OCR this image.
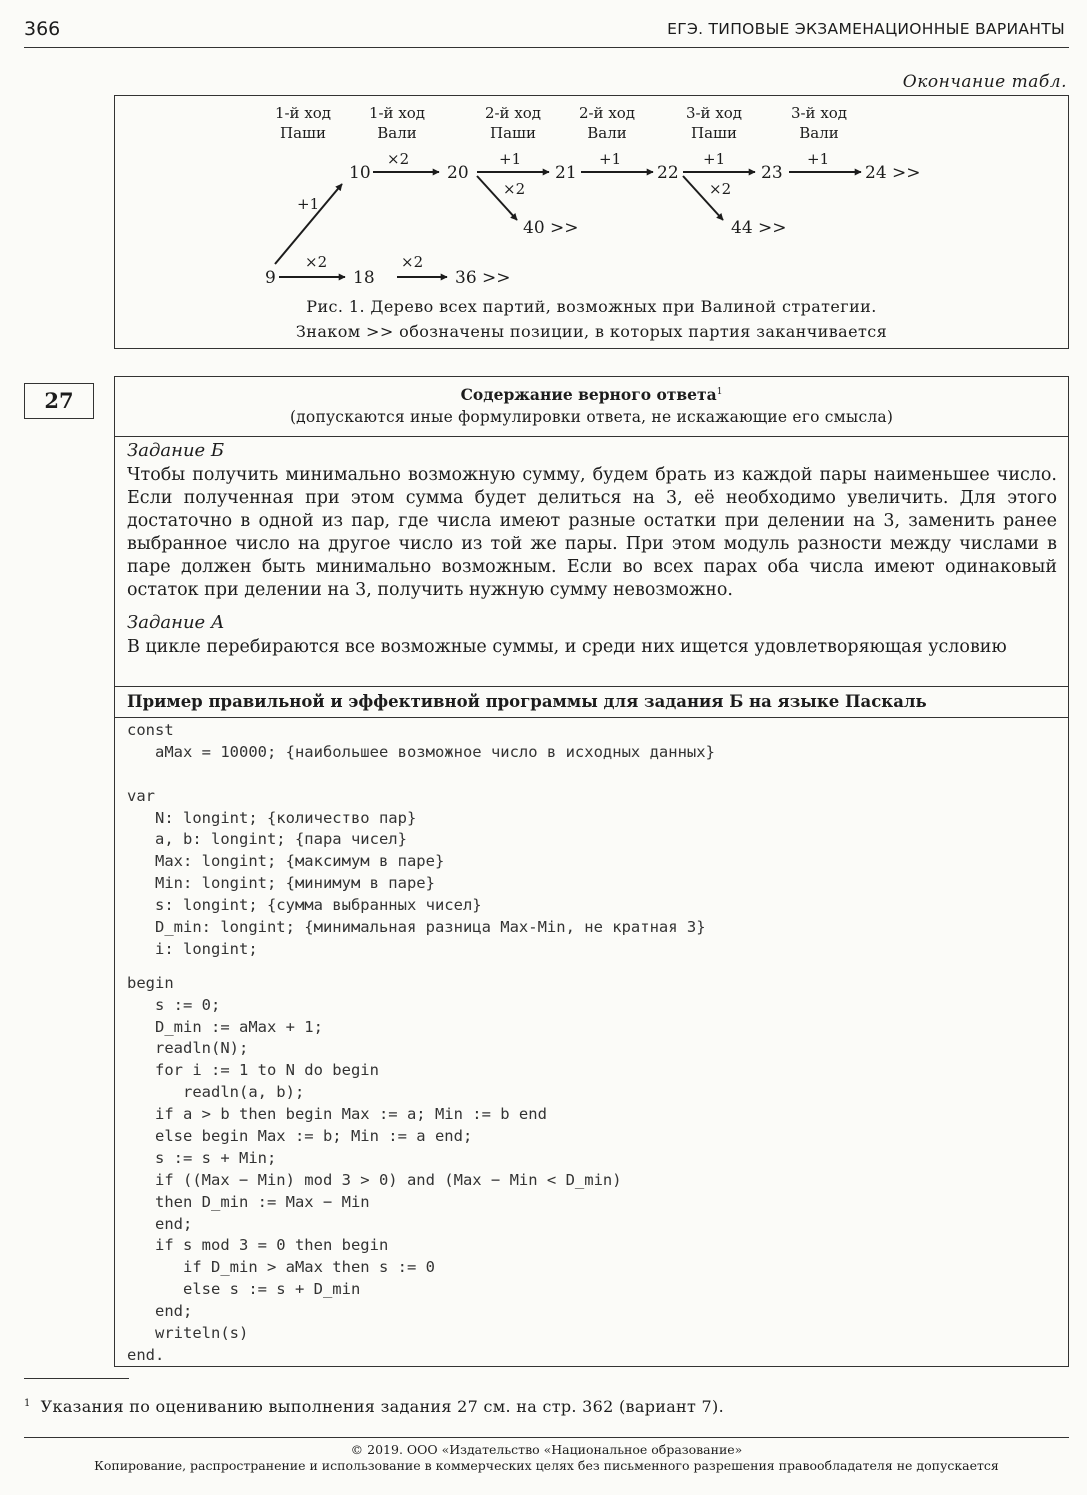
366	ЕГЭ. ТИПОВЫЕ ЭКЗАМЕНАЦИОННЫЕ ВАРИАНТЫ
Окончание табл.
1-й ход
Паши
1-й ход
Вали
2-й ход
Паши
2-й ход
Вали
3-й ход
Паши
3-й ход
Вали
9
10
18	36 >>
20	21
40 >>
22	23
44 >>
24 >>
+1
×2	×2
×2	+1
×2
+1	+1
×2
+1
Рис. 1. Дерево всех партий, возможных при Валиной стратегии.
Знаком >> обозначены позиции, в которых партия заканчивается
27	Содержание верного ответа$^1$
(допускаются иные формулировки ответа, не искажающие его смысла)
Задание Б
Чтобы получить минимально возможную сумму, будем брать из каждой пары наименьшее число. Если полученная при этом сумма будет делиться на 3, её необходимо увеличить. Для этого достаточно в одной из пар, где числа имеют разные остатки при делении на 3, заменить ранее выбранное число на другое число из той же пары. При этом модуль разности между числами в паре должен быть минимально возможным. Если во всех парах оба числа имеют одинаковый остаток при делении на 3, получить нужную сумму невозможно.
Задание А
В цикле перебираются все возможные суммы, и среди них ищется удовлетворяющая условию
Пример правильной и эффективной программы для задания Б на языке Паскаль
const
aMax = 10000; {наибольшее возможное число в исходных данных}
var
N: longint; {количество пар}
a, b: longint; {пара чисел}
Max: longint; {максимум в паре}
Min: longint; {минимум в паре}
s: longint; {сумма выбранных чисел}
D_min: longint; {минимальная разница Max-Min, не кратная 3}
i: longint;
begin
s := 0;
D_min := aMax + 1;
readln(N);
for i := 1 to N do begin
readln(a, b);
if a > b then begin Max := a; Min := b end
else begin Max := b; Min := a end;
s := s + Min;
if ((Max − Min) mod 3 > 0) and (Max − Min < D_min)
then D_min := Max − Min
end;
if s mod 3 = 0 then begin
if D_min > aMax then s := 0
else s := s + D_min
end;
writeln(s)
end.
$^1$ Указания по оцениванию выполнения задания 27 см. на стр. 362 (вариант 7).
© 2019. ООО «Издательство «Национальное образование»
Копирование, распространение и использование в коммерческих целях без письменного разрешения правообладателя не допускается
